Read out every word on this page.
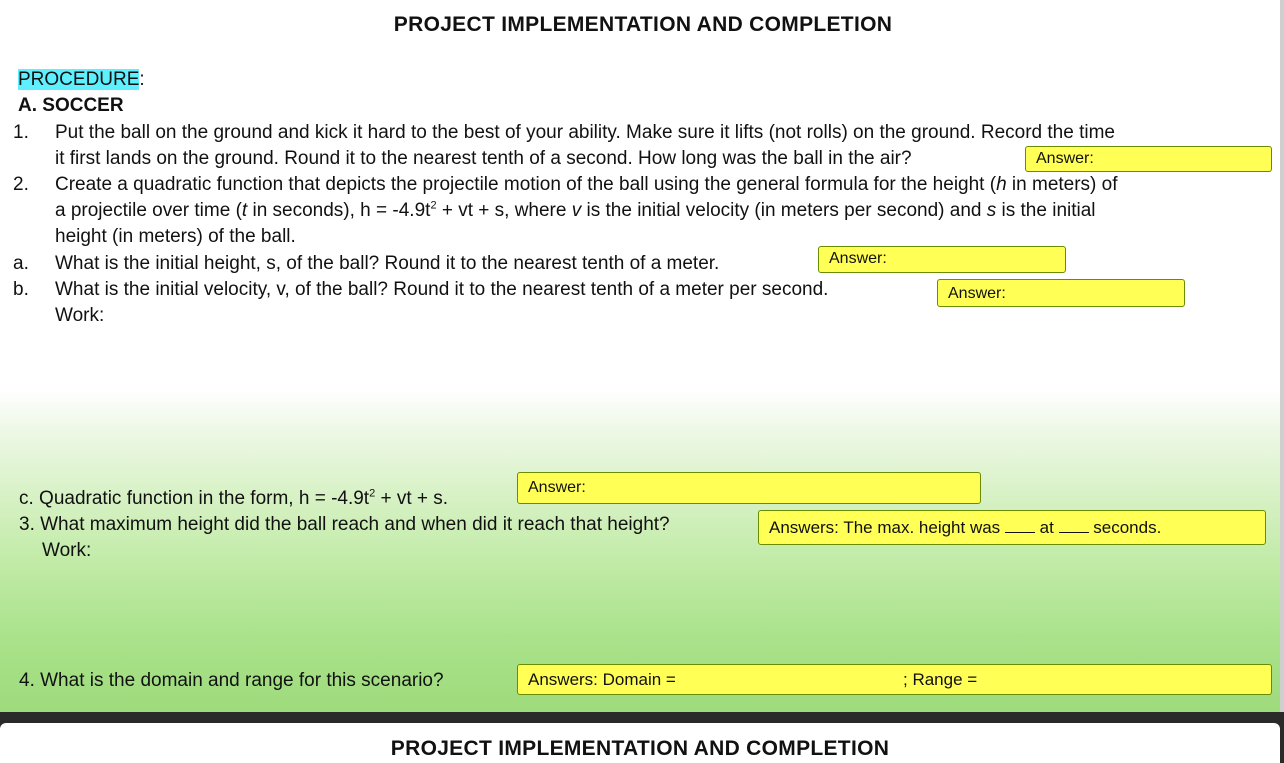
PROJECT IMPLEMENTATION AND COMPLETION
PROCEDURE:
A. SOCCER
1. Put the ball on the ground and kick it hard to the best of your ability. Make sure it lifts (not rolls) on the ground. Record the time
it first lands on the ground. Round it to the nearest tenth of a second. How long was the ball in the air?	Answer:
2. Create a quadratic function that depicts the projectile motion of the ball using the general formula for the height (h in meters) of
a projectile over time (t in seconds), $h = -4.9t^2$ + vt + s, where v is the initial velocity (in meters per second) and s is the initial
height (in meters) of the ball.
a. What is the initial height, s, of the ball? Round it to the nearest tenth of a meter.	Answer:
b. What is the initial velocity, v, of the ball? Round it to the nearest tenth of a meter per second.	Answer:
Work:
c. Quadratic function in the form, $h = -4.9t^2$ + vt + s.
Answer:
3. What maximum height did the ball reach and when did it reach that height?	Answers: The max. height was  at  seconds.
Work:
4. What is the domain and range for this scenario?	Answers: Domain =	; Range =
PROJECT IMPLEMENTATION AND COMPLETION
